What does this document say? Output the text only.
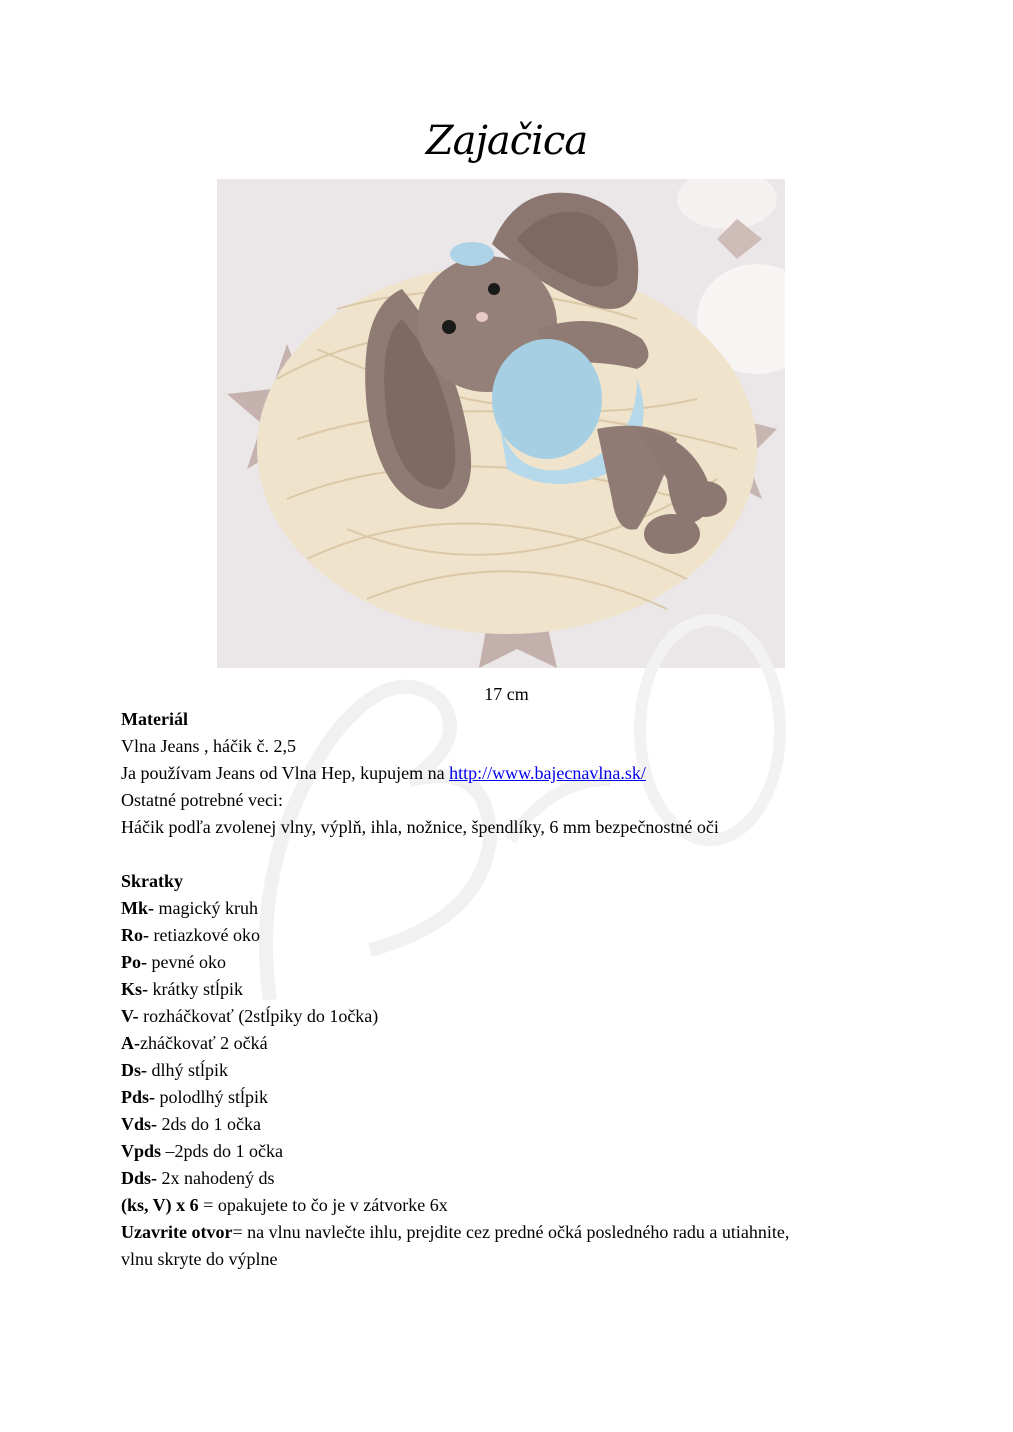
Zajačica
17 cm

Materiál

Vlna Jeans , háčik č. 2,5

Ja používam Jeans od Vlna Hep, kupujem na http://www.bajecnavlna.sk/

Ostatné potrebné veci:

Háčik podľa zvolenej vlny, výplň, ihla, nožnice, špendlíky, 6 mm bezpečnostné oči

Skratky

Mk- magický kruh

Ro- retiazkové oko

Po- pevné oko

Ks- krátky stĺpik

V- rozháčkovať (2stĺpiky do 1očka)

A-zháčkovať 2 očká

Ds- dlhý stĺpik

Pds- polodlhý stĺpik

Vds- 2ds do 1 očka

Vpds –2pds do 1 očka

Dds- 2x nahodený ds

(ks, V) x 6 = opakujete to čo je v zátvorke 6x

Uzavrite otvor= na vlnu navlečte ihlu, prejdite cez predné očká posledného radu a utiahnite,

vlnu skryte do výplne
